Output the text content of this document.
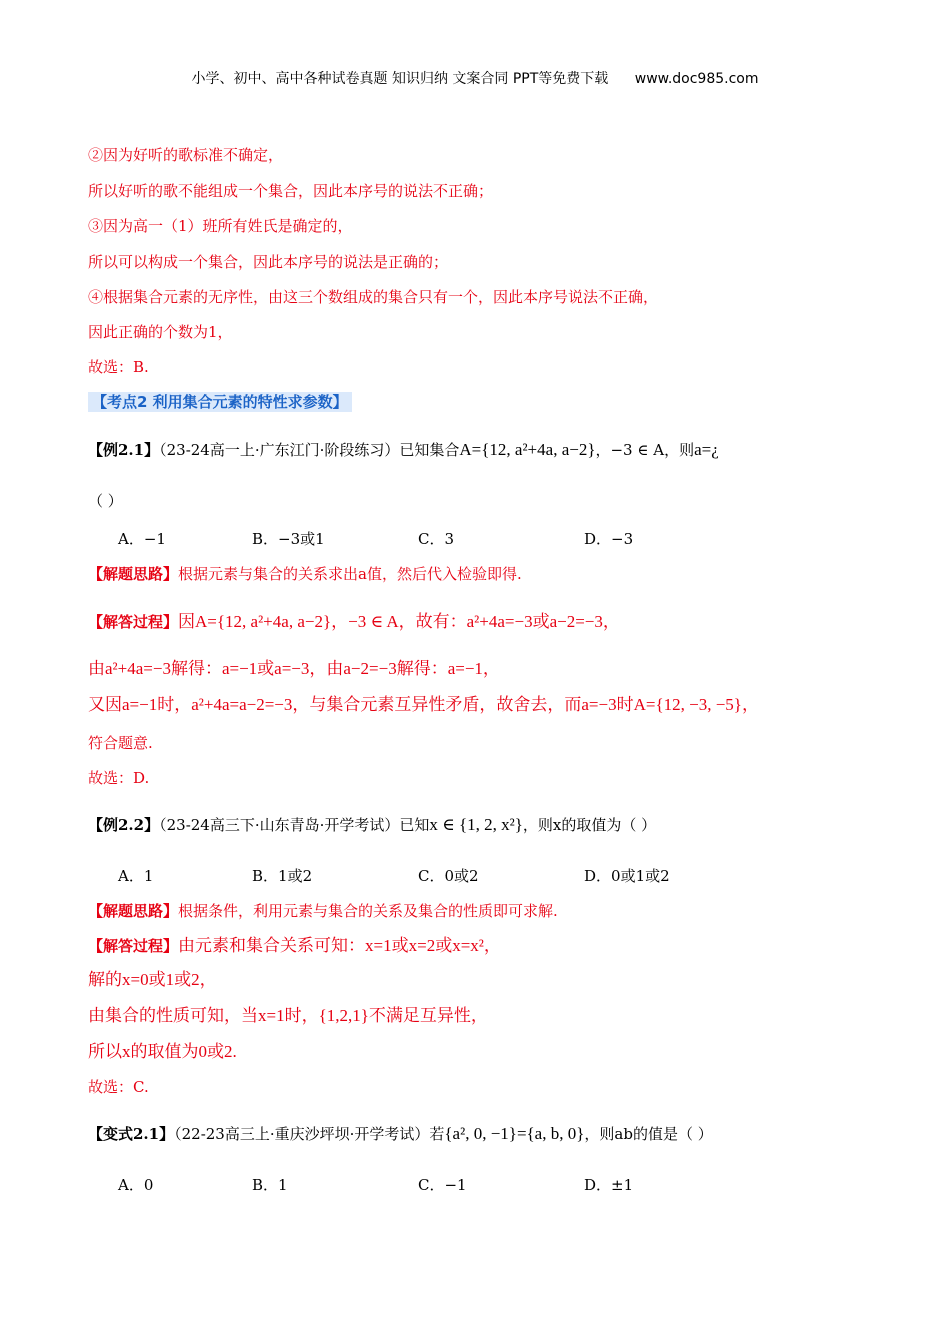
小学、初中、高中各种试卷真题 知识归纳 文案合同 PPT等免费下载 www.doc985.com
②因为好听的歌标准不确定，
所以好听的歌不能组成一个集合，因此本序号的说法不正确；
③因为高一（1）班所有姓氏是确定的，
所以可以构成一个集合，因此本序号的说法是正确的；
④根据集合元素的无序性，由这三个数组成的集合只有一个，因此本序号说法不正确，
因此正确的个数为1，
故选：B.
【考点2 利用集合元素的特性求参数】
【例2.1】（23-24高一上·广东江门·阶段练习）已知集合A={12, a²+4a, a−2}，−3 ∈ A，则a=¿
（ ）
A．−1	B．−3或1	C．3	D．−3
【解题思路】根据元素与集合的关系求出a值，然后代入检验即得.
【解答过程】因A={12, a²+4a, a−2}，−3 ∈ A，故有：a²+4a=−3或a−2=−3，
由a²+4a=−3解得：a=−1或a=−3，由a−2=−3解得：a=−1，
又因a=−1时，a²+4a=a−2=−3，与集合元素互异性矛盾，故舍去，而a=−3时A={12, −3, −5}，
符合题意.
故选：D.
【例2.2】（23-24高三下·山东青岛·开学考试）已知x ∈ {1, 2, x²}，则x的取值为（ ）
A．1	B．1或2	C．0或2	D．0或1或2
【解题思路】根据条件，利用元素与集合的关系及集合的性质即可求解.
【解答过程】由元素和集合关系可知：x=1或x=2或x=x²，
解的x=0或1或2，
由集合的性质可知，当x=1时，{1,2,1}不满足互异性，
所以x的取值为0或2.
故选：C.
【变式2.1】（22-23高三上·重庆沙坪坝·开学考试）若{a², 0, −1}={a, b, 0}，则ab的值是（ ）
A．0	B．1	C．−1	D．±1
